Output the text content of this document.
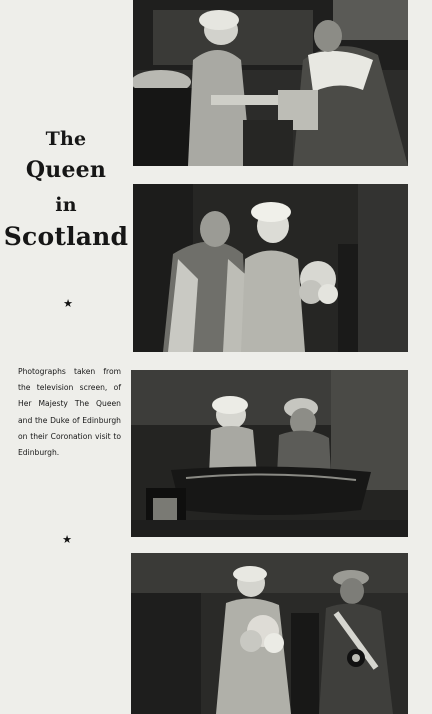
The
Queen
in
Scotland
★
Photographs taken from the television screen, of Her Majesty The Queen and the Duke of Edinburgh on their Coronation visit to Edinburgh.
★
